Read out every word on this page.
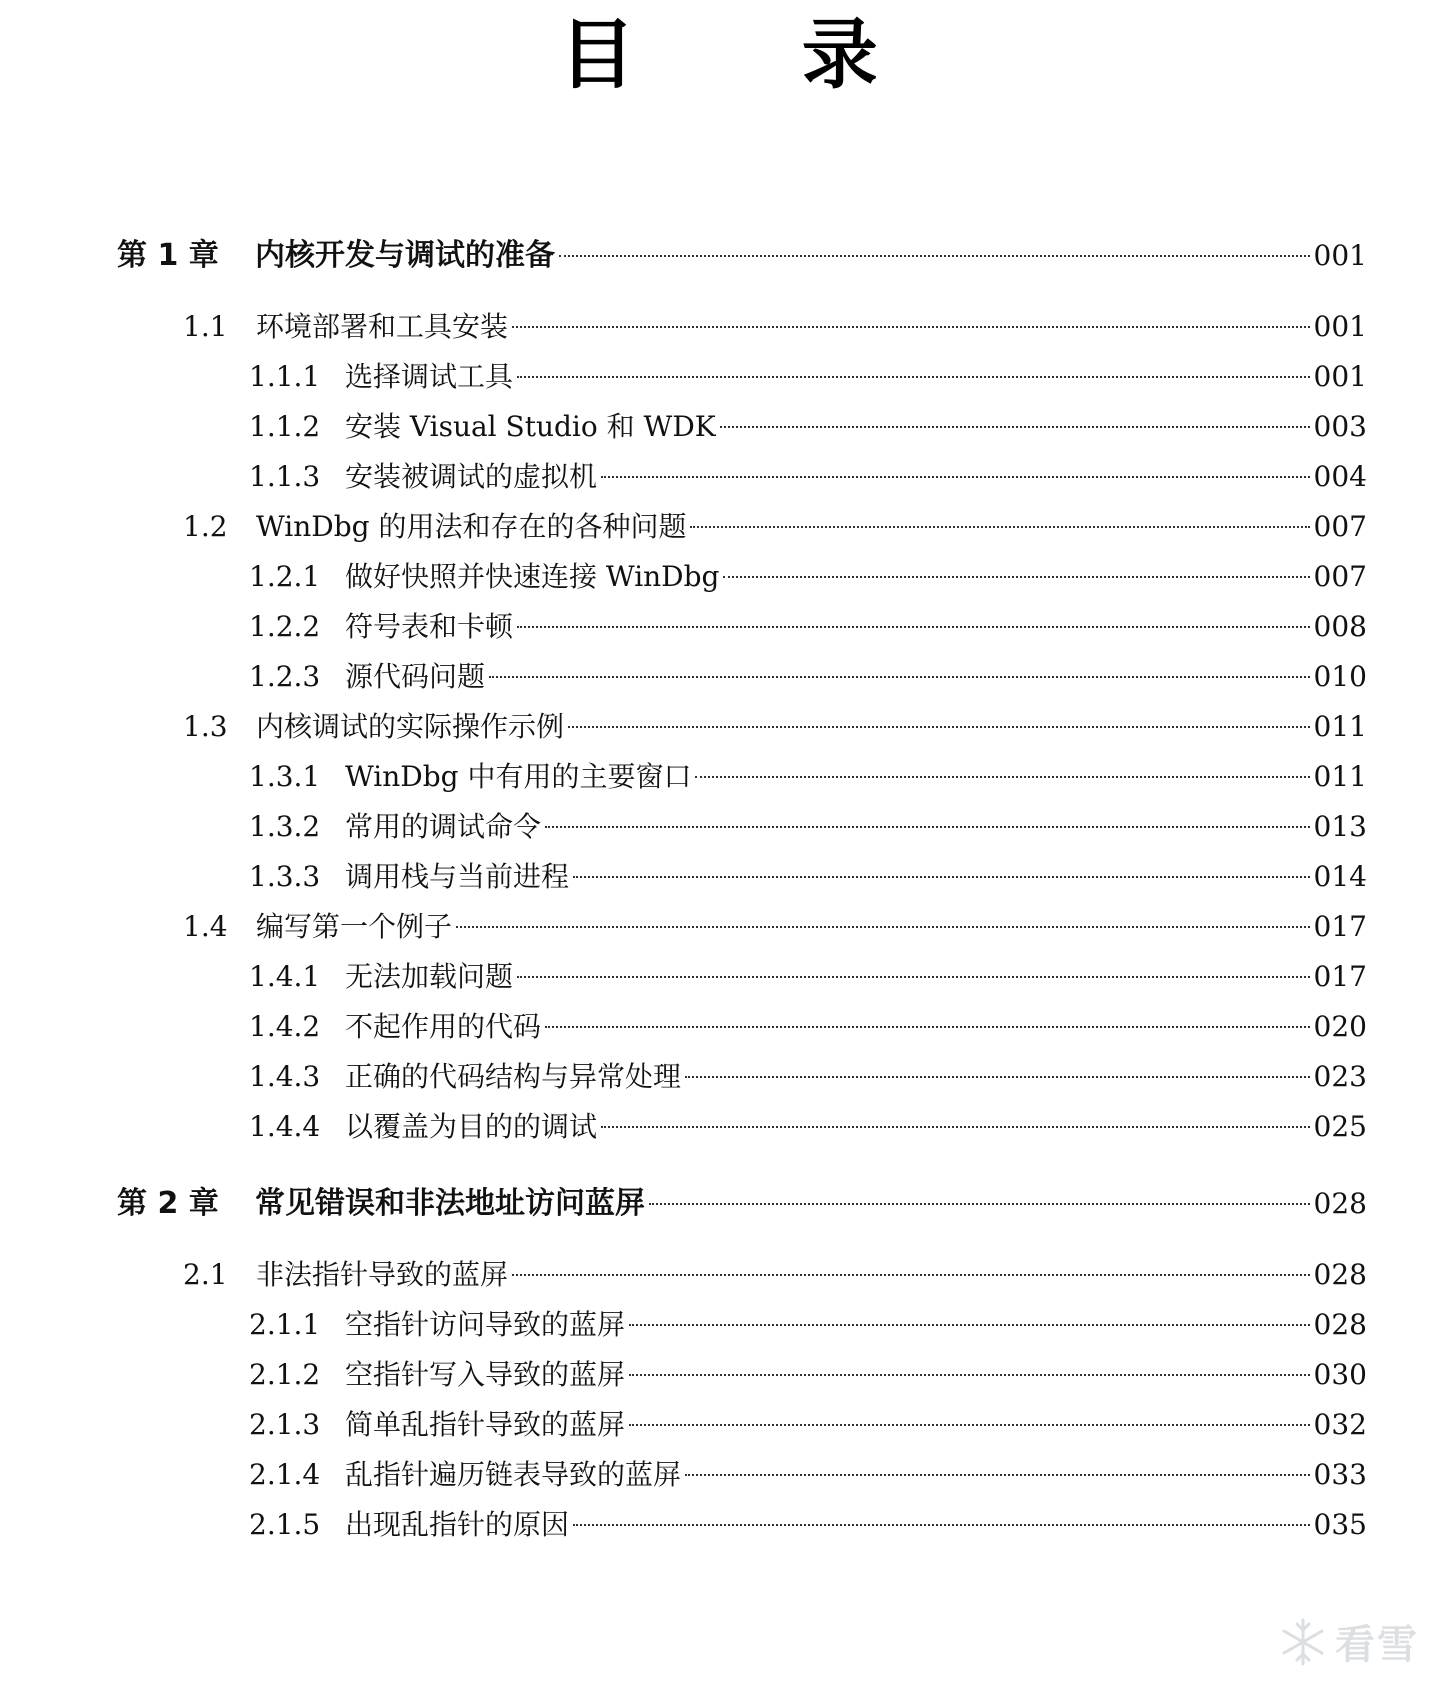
目 录
第 1 章	内核开发与调试的准备	001
1.1	环境部署和工具安装	001
1.1.1 选择调试工具	001
1.1.2 安装 Visual Studio 和 WDK	003
1.1.3 安装被调试的虚拟机	004
1.2	WinDbg 的用法和存在的各种问题	007
1.2.1 做好快照并快速连接 WinDbg	007
1.2.2 符号表和卡顿	008
1.2.3 源代码问题	010
1.3	内核调试的实际操作示例	011
1.3.1 WinDbg 中有用的主要窗口	011
1.3.2 常用的调试命令	013
1.3.3 调用栈与当前进程	014
1.4	编写第一个例子	017
1.4.1 无法加载问题	017
1.4.2 不起作用的代码	020
1.4.3 正确的代码结构与异常处理	023
1.4.4 以覆盖为目的的调试	025
第 2 章	常见错误和非法地址访问蓝屏	028
2.1	非法指针导致的蓝屏	028
2.1.1 空指针访问导致的蓝屏	028
2.1.2 空指针写入导致的蓝屏	030
2.1.3 简单乱指针导致的蓝屏	032
2.1.4 乱指针遍历链表导致的蓝屏	033
2.1.5 出现乱指针的原因	035
看雪
